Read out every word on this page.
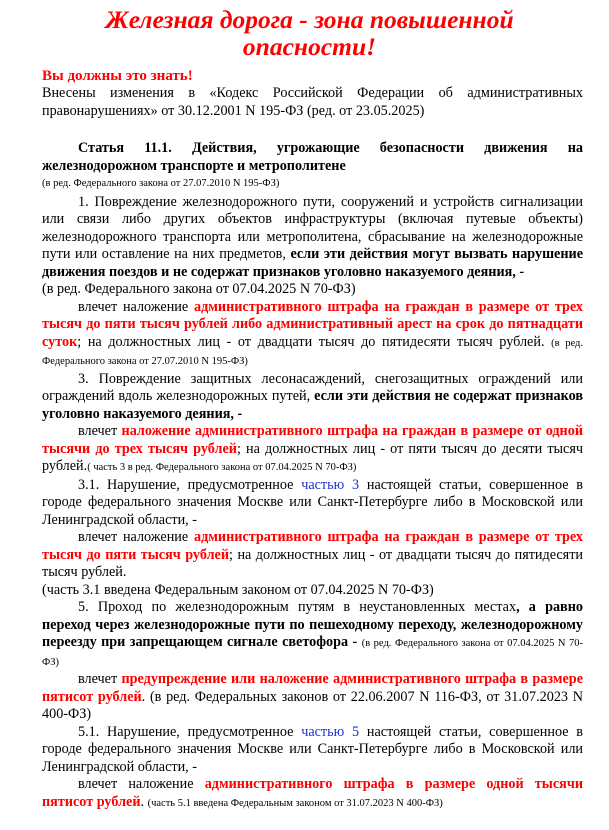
Железная дорога - зона повышенной опасности!
Вы должны это знать!

Внесены изменения в «Кодекс Российской Федерации об административных правонарушениях» от 30.12.2001 N 195-ФЗ (ред. от 23.05.2025)

Статья 11.1. Действия, угрожающие безопасности движения на железнодорожном транспорте и метрополитене

(в ред. Федерального закона от 27.07.2010 N 195-ФЗ)

1. Повреждение железнодорожного пути, сооружений и устройств сигнализации или связи либо других объектов инфраструктуры (включая путевые объекты) железнодорожного транспорта или метрополитена, сбрасывание на железнодорожные пути или оставление на них предметов, если эти действия могут вызвать нарушение движения поездов и не содержат признаков уголовно наказуемого деяния, -

(в ред. Федерального закона от 07.04.2025 N 70-ФЗ)

влечет наложение административного штрафа на граждан в размере от трех тысяч до пяти тысяч рублей либо административный арест на срок до пятнадцати суток; на должностных лиц - от двадцати тысяч до пятидесяти тысяч рублей. (в ред. Федерального закона от 27.07.2010 N 195-ФЗ)

3. Повреждение защитных лесонасаждений, снегозащитных ограждений или ограждений вдоль железнодорожных путей, если эти действия не содержат признаков уголовно наказуемого деяния, -

влечет наложение административного штрафа на граждан в размере от одной тысячи до трех тысяч рублей; на должностных лиц - от пяти тысяч до десяти тысяч рублей.( часть 3 в ред. Федерального закона от 07.04.2025 N 70-ФЗ)

3.1. Нарушение, предусмотренное частью 3 настоящей статьи, совершенное в городе федерального значения Москве или Санкт-Петербурге либо в Московской или Ленинградской области, -

влечет наложение административного штрафа на граждан в размере от трех тысяч до пяти тысяч рублей; на должностных лиц - от двадцати тысяч до пятидесяти тысяч рублей.

(часть 3.1 введена Федеральным законом от 07.04.2025 N 70-ФЗ)

5. Проход по железнодорожным путям в неустановленных местах, а равно переход через железнодорожные пути по пешеходному переходу, железнодорожному переезду при запрещающем сигнале светофора - (в ред. Федерального закона от 07.04.2025 N 70-ФЗ)

влечет предупреждение или наложение административного штрафа в размере пятисот рублей. (в ред. Федеральных законов от 22.06.2007 N 116-ФЗ, от 31.07.2023 N 400-ФЗ)

5.1. Нарушение, предусмотренное частью 5 настоящей статьи, совершенное в городе федерального значения Москве или Санкт-Петербурге либо в Московской или Ленинградской области, -

влечет наложение административного штрафа в размере одной тысячи пятисот рублей. (часть 5.1 введена Федеральным законом от 31.07.2023 N 400-ФЗ)
